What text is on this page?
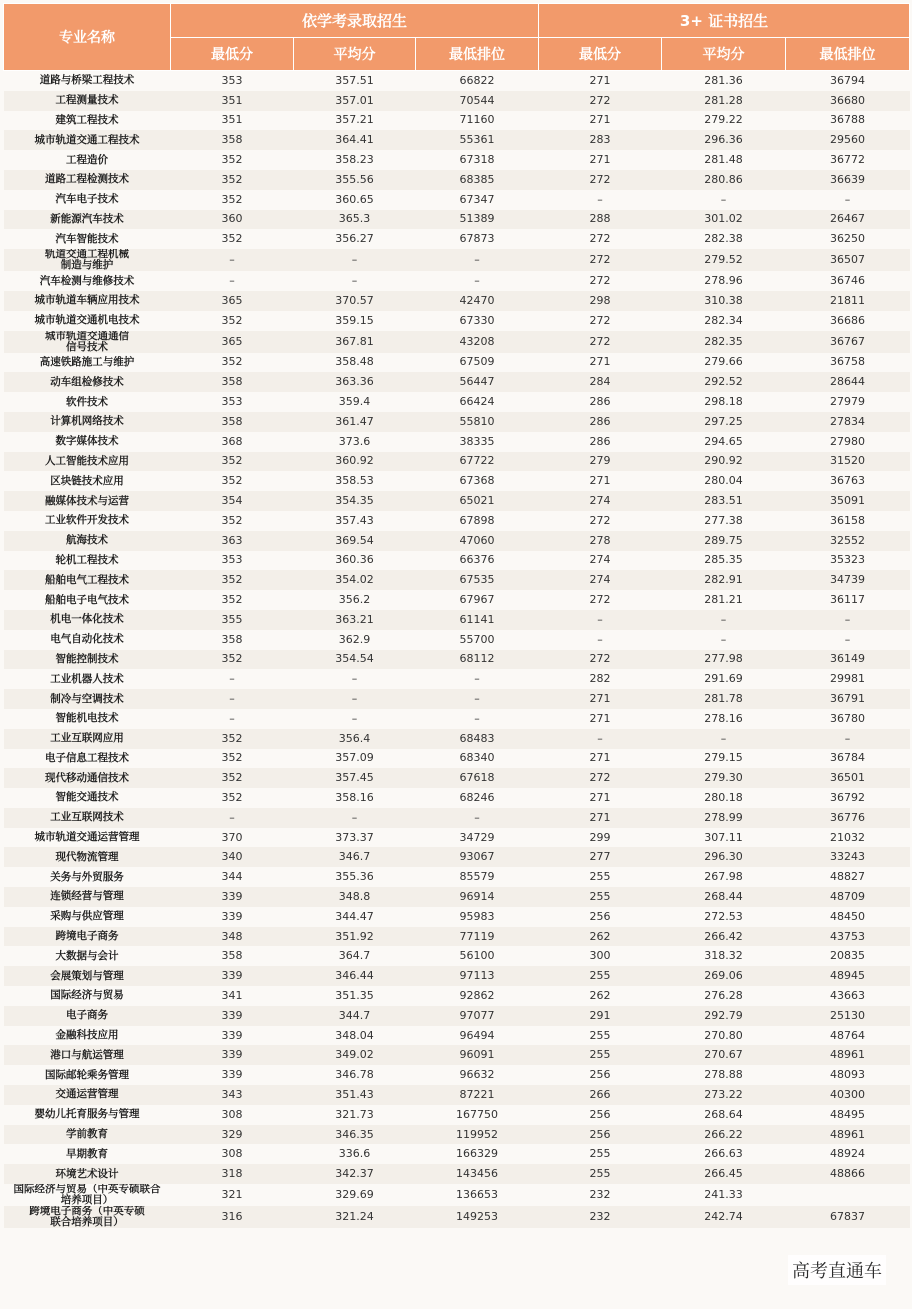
专业名称	依学考录取招生			3+ 证书招生		
	最低分	平均分	最低排位	最低分	平均分	最低排位
道路与桥梁工程技术	353	357.51	66822	271	281.36	36794
工程测量技术	351	357.01	70544	272	281.28	36680
建筑工程技术	351	357.21	71160	271	279.22	36788
城市轨道交通工程技术	358	364.41	55361	283	296.36	29560
工程造价	352	358.23	67318	271	281.48	36772
道路工程检测技术	352	355.56	68385	272	280.86	36639
汽车电子技术	352	360.65	67347	–	–	–
新能源汽车技术	360	365.3	51389	288	301.02	26467
汽车智能技术	352	356.27	67873	272	282.38	36250
轨道交通工程机械
制造与维护	–	–	–	272	279.52	36507
汽车检测与维修技术	–	–	–	272	278.96	36746
城市轨道车辆应用技术	365	370.57	42470	298	310.38	21811
城市轨道交通机电技术	352	359.15	67330	272	282.34	36686
城市轨道交通通信
信号技术	365	367.81	43208	272	282.35	36767
高速铁路施工与维护	352	358.48	67509	271	279.66	36758
动车组检修技术	358	363.36	56447	284	292.52	28644
软件技术	353	359.4	66424	286	298.18	27979
计算机网络技术	358	361.47	55810	286	297.25	27834
数字媒体技术	368	373.6	38335	286	294.65	27980
人工智能技术应用	352	360.92	67722	279	290.92	31520
区块链技术应用	352	358.53	67368	271	280.04	36763
融媒体技术与运营	354	354.35	65021	274	283.51	35091
工业软件开发技术	352	357.43	67898	272	277.38	36158
航海技术	363	369.54	47060	278	289.75	32552
轮机工程技术	353	360.36	66376	274	285.35	35323
船舶电气工程技术	352	354.02	67535	274	282.91	34739
船舶电子电气技术	352	356.2	67967	272	281.21	36117
机电一体化技术	355	363.21	61141	–	–	–
电气自动化技术	358	362.9	55700	–	–	–
智能控制技术	352	354.54	68112	272	277.98	36149
工业机器人技术	–	–	–	282	291.69	29981
制冷与空调技术	–	–	–	271	281.78	36791
智能机电技术	–	–	–	271	278.16	36780
工业互联网应用	352	356.4	68483	–	–	–
电子信息工程技术	352	357.09	68340	271	279.15	36784
现代移动通信技术	352	357.45	67618	272	279.30	36501
智能交通技术	352	358.16	68246	271	280.18	36792
工业互联网技术	–	–	–	271	278.99	36776
城市轨道交通运营管理	370	373.37	34729	299	307.11	21032
现代物流管理	340	346.7	93067	277	296.30	33243
关务与外贸服务	344	355.36	85579	255	267.98	48827
连锁经营与管理	339	348.8	96914	255	268.44	48709
采购与供应管理	339	344.47	95983	256	272.53	48450
跨境电子商务	348	351.92	77119	262	266.42	43753
大数据与会计	358	364.7	56100	300	318.32	20835
会展策划与管理	339	346.44	97113	255	269.06	48945
国际经济与贸易	341	351.35	92862	262	276.28	43663
电子商务	339	344.7	97077	291	292.79	25130
金融科技应用	339	348.04	96494	255	270.80	48764
港口与航运管理	339	349.02	96091	255	270.67	48961
国际邮轮乘务管理	339	346.78	96632	256	278.88	48093
交通运营管理	343	351.43	87221	266	273.22	40300
婴幼儿托育服务与管理	308	321.73	167750	256	268.64	48495
学前教育	329	346.35	119952	256	266.22	48961
早期教育	308	336.6	166329	255	266.63	48924
环境艺术设计	318	342.37	143456	255	266.45	48866
国际经济与贸易（中英专硕联合
培养项目）	321	329.69	136653	232	241.33	
跨境电子商务（中英专硕
联合培养项目）	316	321.24	149253	232	242.74	67837
高考直通车
